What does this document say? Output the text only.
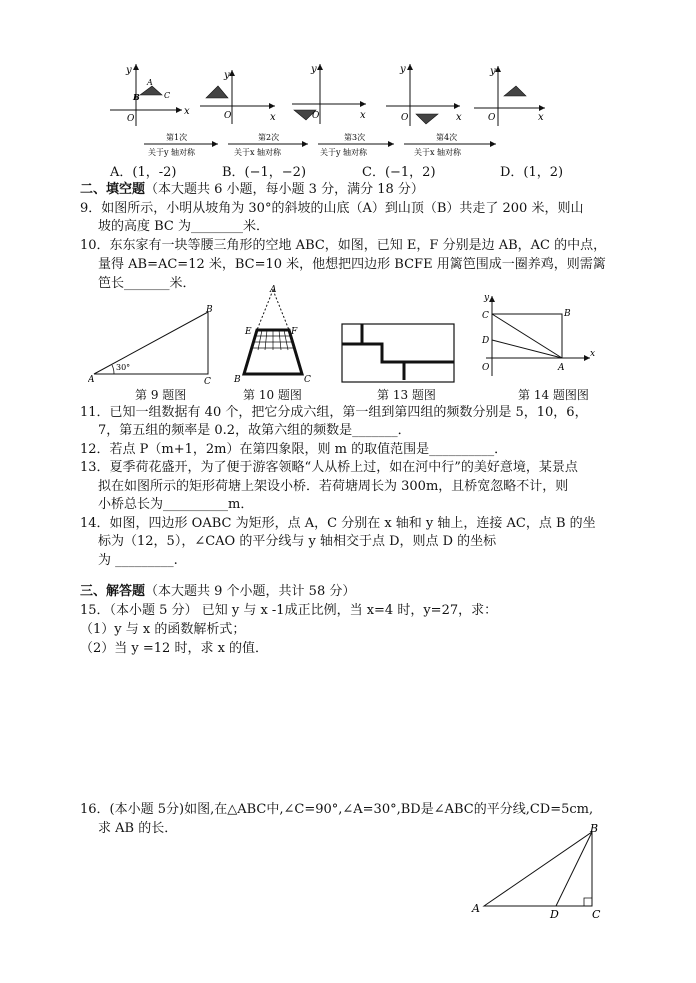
y
x
O
A
B	C
y
x
O
y
x
O
y
x
O
y
x
O
第1次
关于y 轴对称
第2次
关于x 轴对称
第3次
关于y 轴对称
第4次
关于x 轴对称
A．(1，-2)	B．(−1，−2)	C．(−1，2)	D．(1，2)
二、填空题（本大题共 6 小题，每小题 3 分，满分 18 分）
9．如图所示，小明从坡角为 30°的斜坡的山底（A）到山顶（B）共走了 200 米，则山
坡的高度 BC 为________米．
10．东东家有一块等腰三角形的空地 ABC，如图，已知 E，F 分别是边 AB，AC 的中点，
量得 AB=AC=12 米，BC=10 米，他想把四边形 BCFE 用篱笆围成一圈养鸡，则需篱
笆长_______米．
30°
A
B
C
第 9 题图
A
E	F
B	C
第 10 题图	第 13 题图
y
x
O	A
B
C
D
第 14 题图图
11．已知一组数据有 40 个，把它分成六组，第一组到第四组的频数分别是 5，10，6，
7，第五组的频率是 0.2，故第六组的频数是_______．
12．若点 P（m+1，2m）在第四象限，则 m 的取值范围是__________．
13．夏季荷花盛开，为了便于游客领略“人从桥上过，如在河中行”的美好意境，某景点
拟在如图所示的矩形荷塘上架设小桥．若荷塘周长为 300m，且桥宽忽略不计，则
小桥总长为__________m．
14．如图，四边形 OABC 为矩形，点 A，C 分别在 x 轴和 y 轴上，连接 AC，点 B 的坐
标为（12，5），∠CAO 的平分线与 y 轴相交于点 D，则点 D 的坐标
为 _________.
三、解答题（本大题共 9 个小题，共计 58 分）
15．（本小题 5 分） 已知 y 与 x -1成正比例，当 x=4 时，y=27，求：
（1）y 与 x 的函数解析式；
（2）当 y =12 时，求 x 的值．
16．(本小题 5分)如图,在△ABC中,∠C=90°,∠A=30°,BD是∠ABC的平分线,CD=5cm,
求 AB 的长．
A
B
C
D
